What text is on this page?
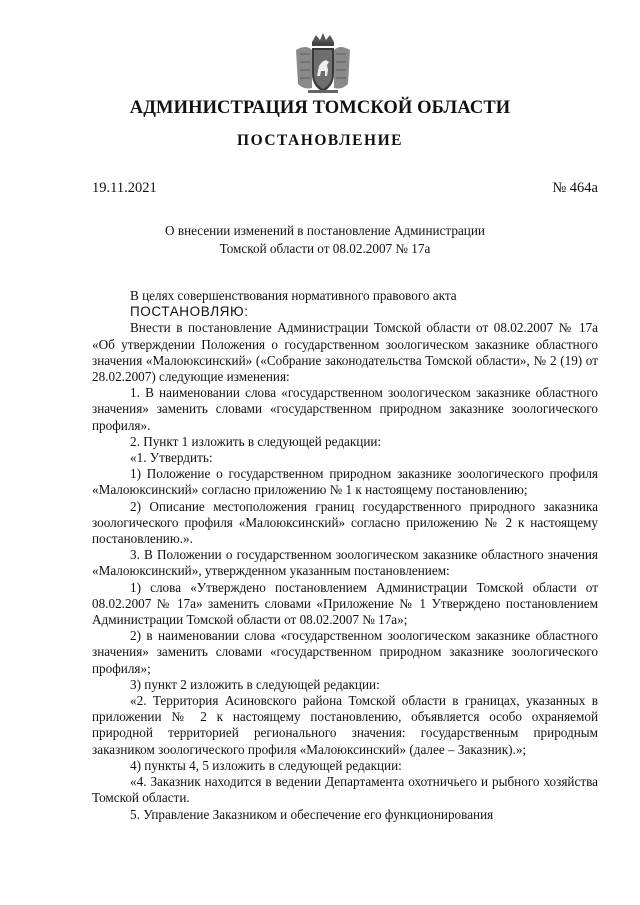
АДМИНИСТРАЦИЯ ТОМСКОЙ ОБЛАСТИ
ПОСТАНОВЛЕНИЕ
19.11.2021	№ 464а
О внесении изменений в постановление Администрации
Томской области от 08.02.2007 № 17а

В целях совершенствования нормативного правового акта

ПОСТАНОВЛЯЮ:

Внести в постановление Администрации Томской области от 08.02.2007 № 17а «Об утверждении Положения о государственном зоологическом заказнике областного значения «Малоюксинский» («Собрание законодательства Томской области», № 2 (19) от 28.02.2007) следующие изменения:

1. В наименовании слова «государственном зоологическом заказнике областного значения» заменить словами «государственном природном заказнике зоологического профиля».

2. Пункт 1 изложить в следующей редакции:

«1. Утвердить:

1) Положение о государственном природном заказнике зоологического профиля «Малоюксинский» согласно приложению № 1 к настоящему постановлению;

2) Описание местоположения границ государственного природного заказника зоологического профиля «Малоюксинский» согласно приложению № 2 к настоящему постановлению.».

3. В Положении о государственном зоологическом заказнике областного значения «Малоюксинский», утвержденном указанным постановлением:

1) слова «Утверждено постановлением Администрации Томской области от 08.02.2007 № 17а» заменить словами «Приложение № 1 Утверждено постановлением Администрации Томской области от 08.02.2007 № 17а»;

2) в наименовании слова «государственном зоологическом заказнике областного значения» заменить словами «государственном природном заказнике зоологического профиля»;

3) пункт 2 изложить в следующей редакции:

«2. Территория Асиновского района Томской области в границах, указанных в приложении № 2 к настоящему постановлению, объявляется особо охраняемой природной территорией регионального значения: государственным природным заказником зоологического профиля «Малоюксинский» (далее – Заказник).»;

4) пункты 4, 5 изложить в следующей редакции:

«4. Заказник находится в ведении Департамента охотничьего и рыбного хозяйства Томской области.

5. Управление Заказником и обеспечение его функционирования
